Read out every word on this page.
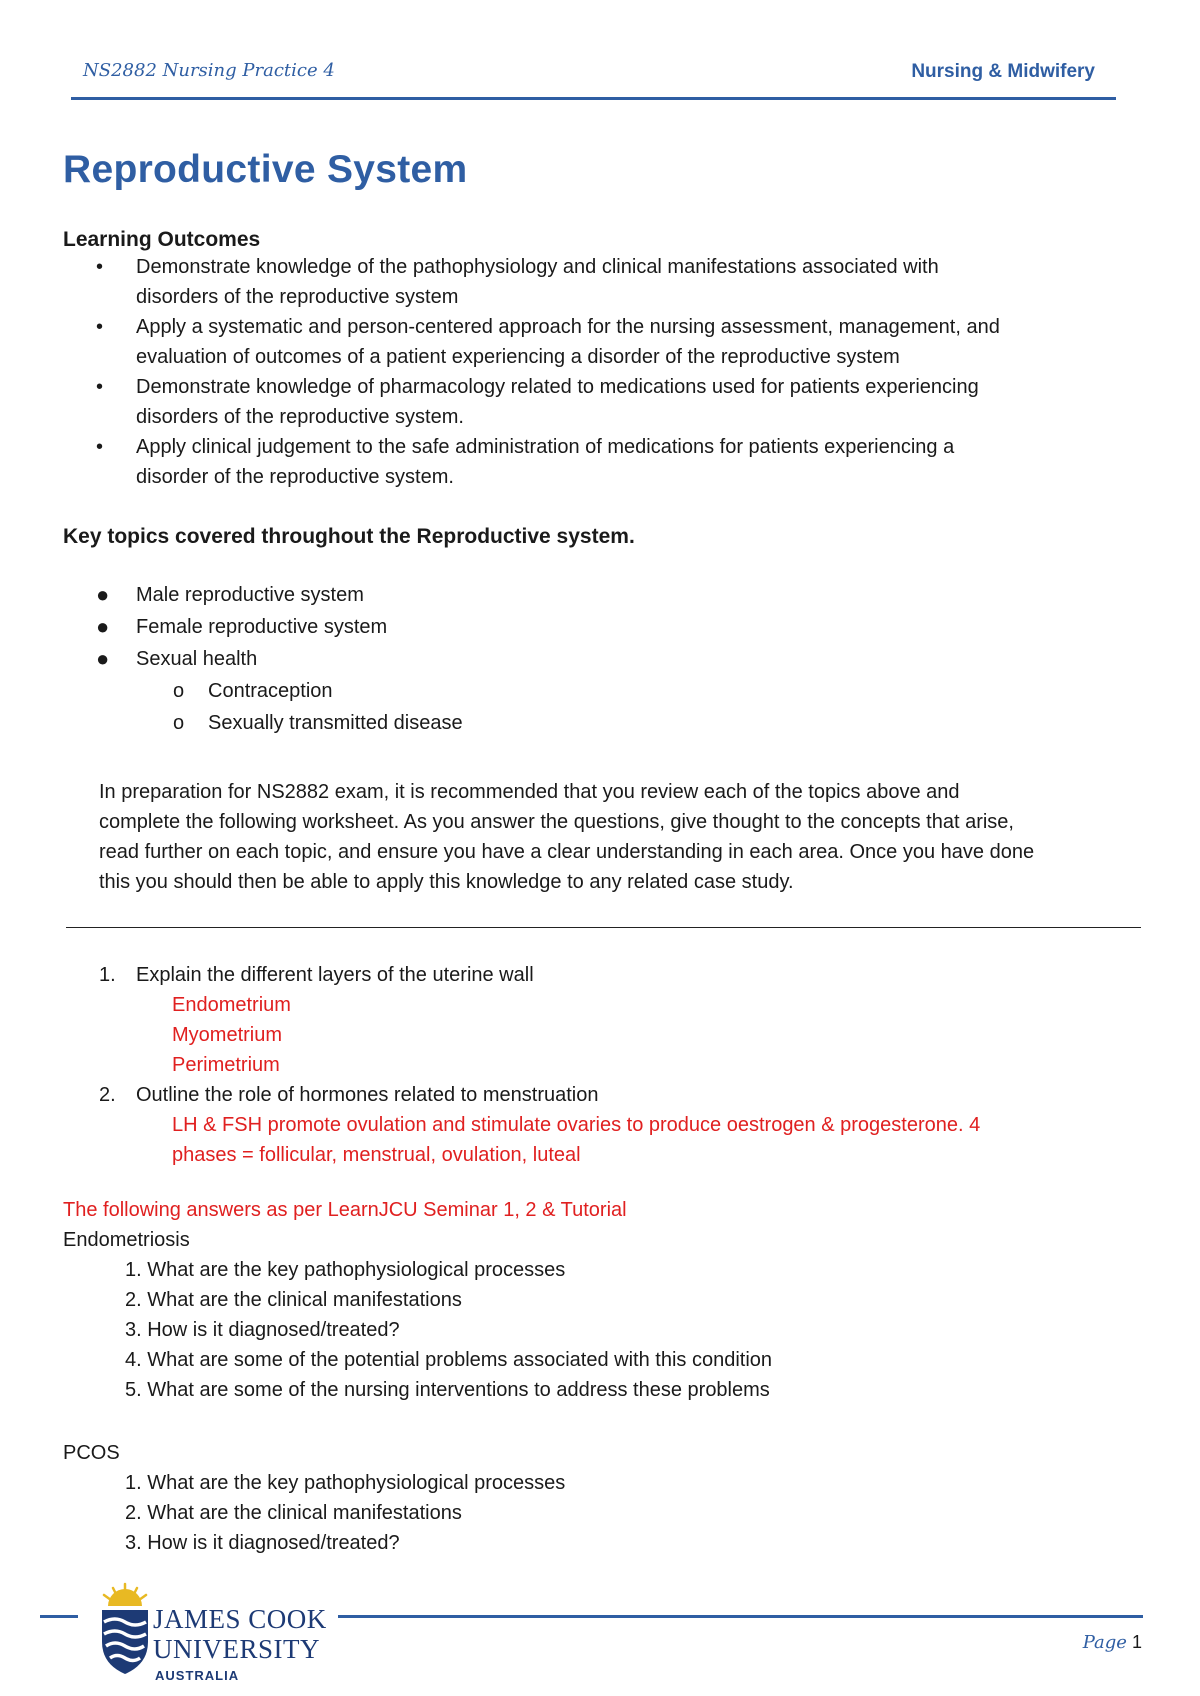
NS2882 Nursing Practice 4	Nursing & Midwifery
Reproductive System
Learning Outcomes
• Demonstrate knowledge of the pathophysiology and clinical manifestations associated with
disorders of the reproductive system
• Apply a systematic and person-centered approach for the nursing assessment, management, and
evaluation of outcomes of a patient experiencing a disorder of the reproductive system
• Demonstrate knowledge of pharmacology related to medications used for patients experiencing
disorders of the reproductive system.
• Apply clinical judgement to the safe administration of medications for patients experiencing a
disorder of the reproductive system.
Key topics covered throughout the Reproductive system.
● Male reproductive system
● Female reproductive system
● Sexual health
o Contraception
o Sexually transmitted disease
In preparation for NS2882 exam, it is recommended that you review each of the topics above and
complete the following worksheet. As you answer the questions, give thought to the concepts that arise,
read further on each topic, and ensure you have a clear understanding in each area. Once you have done
this you should then be able to apply this knowledge to any related case study.
1. Explain the different layers of the uterine wall
Endometrium
Myometrium
Perimetrium
2. Outline the role of hormones related to menstruation
LH & FSH promote ovulation and stimulate ovaries to produce oestrogen & progesterone. 4
phases = follicular, menstrual, ovulation, luteal
The following answers as per LearnJCU Seminar 1, 2 & Tutorial
Endometriosis
1. What are the key pathophysiological processes
2. What are the clinical manifestations
3. How is it diagnosed/treated?
4. What are some of the potential problems associated with this condition
5. What are some of the nursing interventions to address these problems
PCOS
1. What are the key pathophysiological processes
2. What are the clinical manifestations
3. How is it diagnosed/treated?
JAMES COOK
UNIVERSITY
AUSTRALIA
Page 1
